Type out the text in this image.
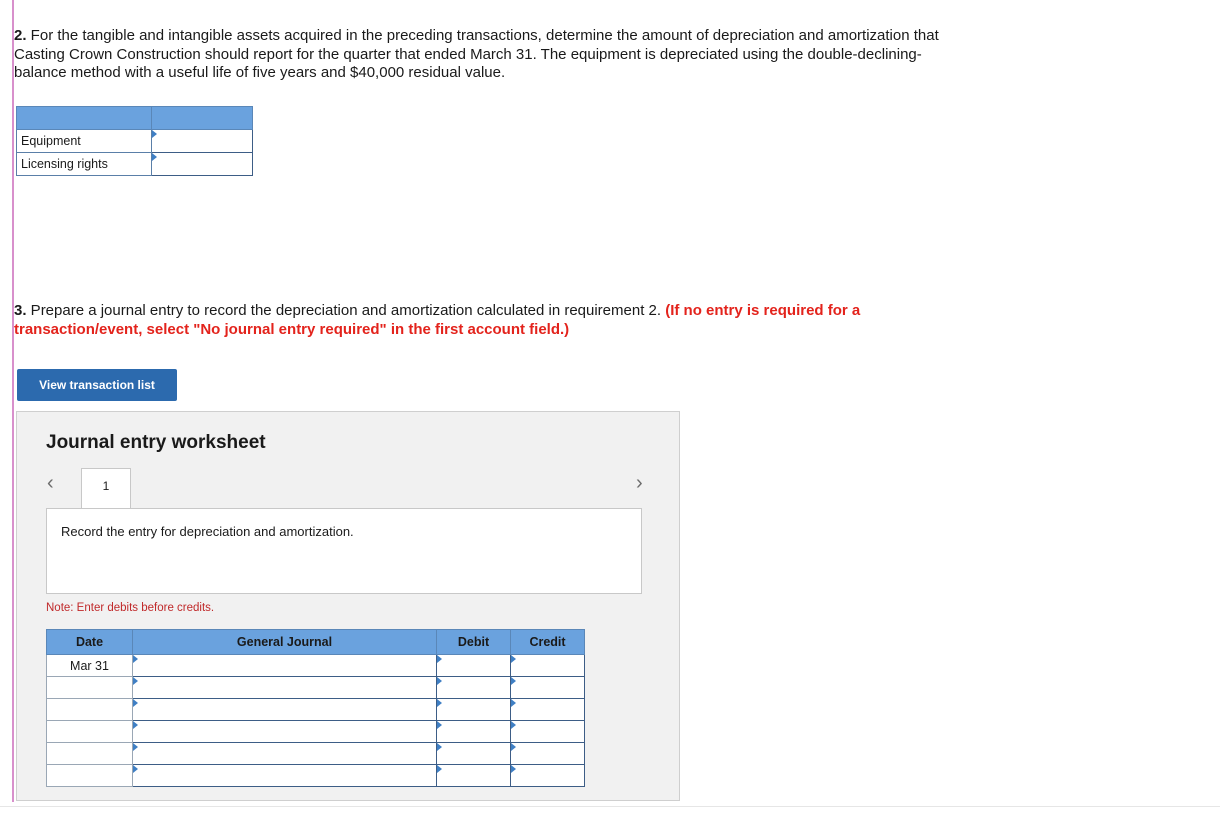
2. For the tangible and intangible assets acquired in the preceding transactions, determine the amount of depreciation and amortization that Casting Crown Construction should report for the quarter that ended March 31. The equipment is depreciated using the double-declining-balance method with a useful life of five years and $40,000 residual value.

Equipment	

Licensing rights	

3. Prepare a journal entry to record the depreciation and amortization calculated in requirement 2. (If no entry is required for a transaction/event, select "No journal entry required" in the first account field.)

View transaction list
Journal entry worksheet
‹	1	›
Record the entry for depreciation and amortization.
Note: Enter debits before credits.
Date	General Journal	Debit	Credit
Mar 31	
